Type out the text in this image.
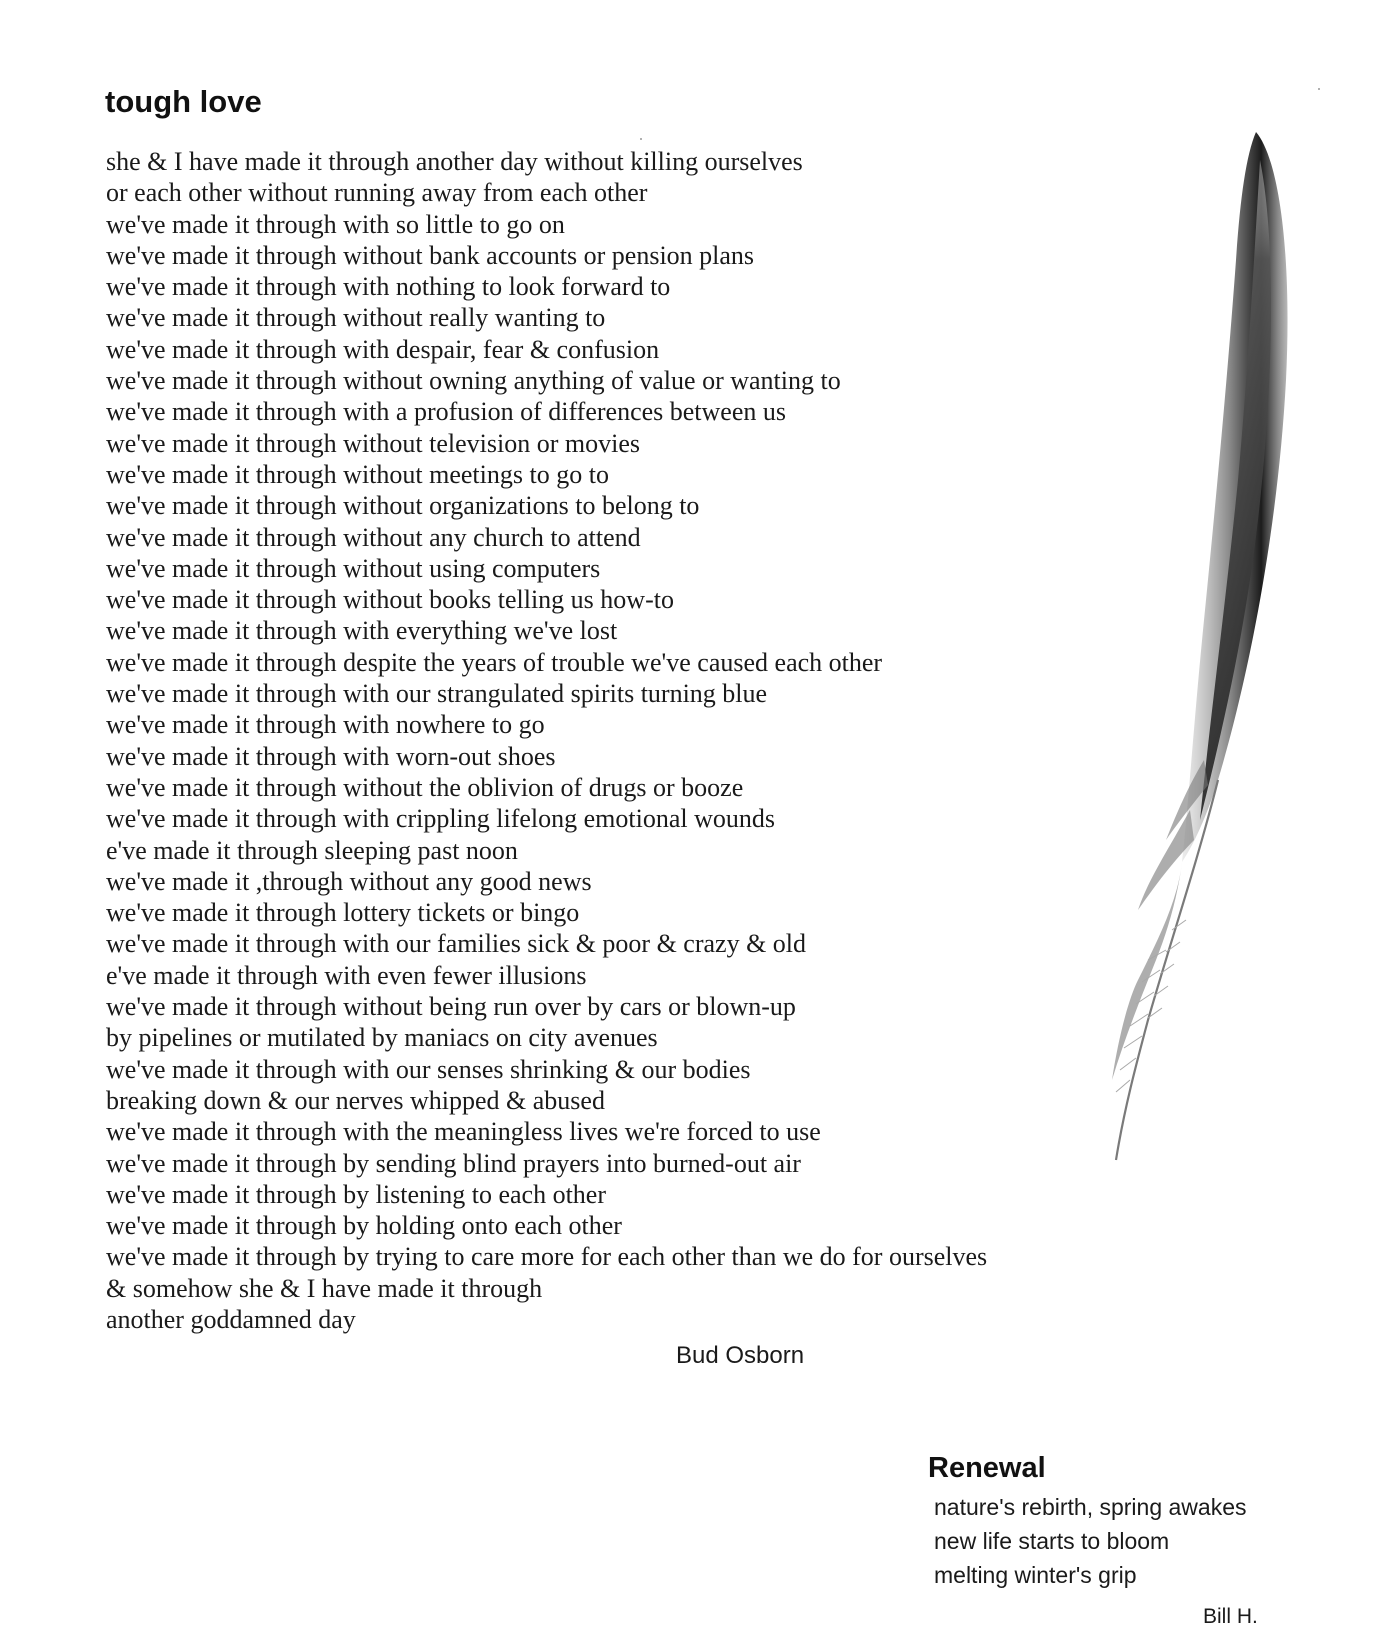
tough love
she & I have made it through another day without killing ourselves
or each other without running away from each other
we've made it through with so little to go on
we've made it through without bank accounts or pension plans
we've made it through with nothing to look forward to
we've made it through without really wanting to
we've made it through with despair, fear & confusion
we've made it through without owning anything of value or wanting to
we've made it through with a profusion of differences between us
we've made it through without television or movies
we've made it through without meetings to go to
we've made it through without organizations to belong to
we've made it through without any church to attend
we've made it through without using computers
we've made it through without books telling us how-to
we've made it through with everything we've lost
we've made it through despite the years of trouble we've caused each other
we've made it through with our strangulated spirits turning blue
we've made it through with nowhere to go
we've made it through with worn-out shoes
we've made it through without the oblivion of drugs or booze
we've made it through with crippling lifelong emotional wounds
e've made it through sleeping past noon
we've made it ,through without any good news
we've made it through lottery tickets or bingo
we've made it through with our families sick & poor & crazy & old
e've made it through with even fewer illusions
we've made it through without being run over by cars or blown-up
by pipelines or mutilated by maniacs on city avenues
we've made it through with our senses shrinking & our bodies
breaking down & our nerves whipped & abused
we've made it through with the meaningless lives we're forced to use
we've made it through by sending blind prayers into burned-out air
we've made it through by listening to each other
we've made it through by holding onto each other
we've made it through by trying to care more for each other than we do for ourselves
& somehow she & I have made it through
another goddamned day
Bud Osborn
Renewal
nature's rebirth, spring awakes
new life starts to bloom
melting winter's grip
Bill H.
